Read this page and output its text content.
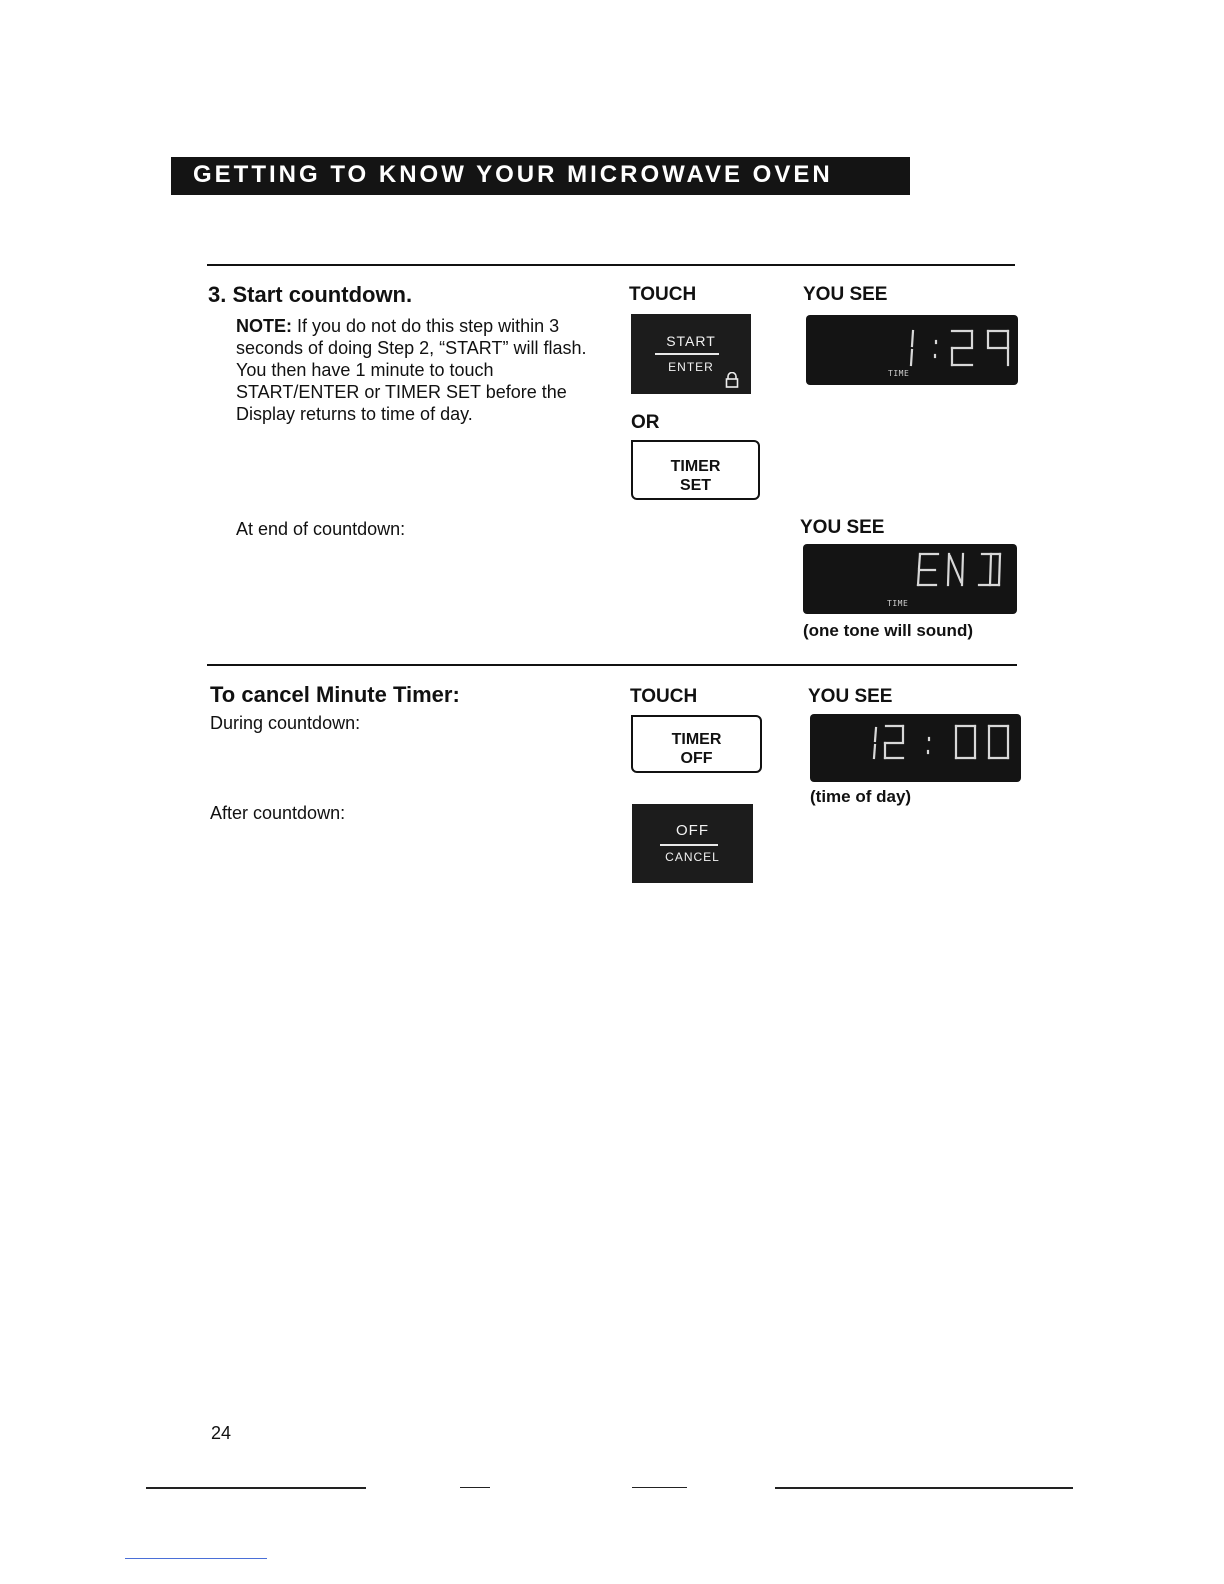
GETTING TO KNOW YOUR MICROWAVE OVEN
3. Start countdown.
NOTE: If you do not do this step within 3 seconds of doing Step 2, “START” will flash. You then have 1 minute to touch START/ENTER or TIMER SET before the Display returns to time of day.
TOUCH	YOU SEE
START
ENTER
OR
TIMER
SET
TIME
At end of countdown:	YOU SEE
TIME
(one tone will sound)
To cancel Minute Timer:
During countdown:
After countdown:
TOUCH	YOU SEE
TIMER
OFF
OFF
CANCEL
(time of day)
24
